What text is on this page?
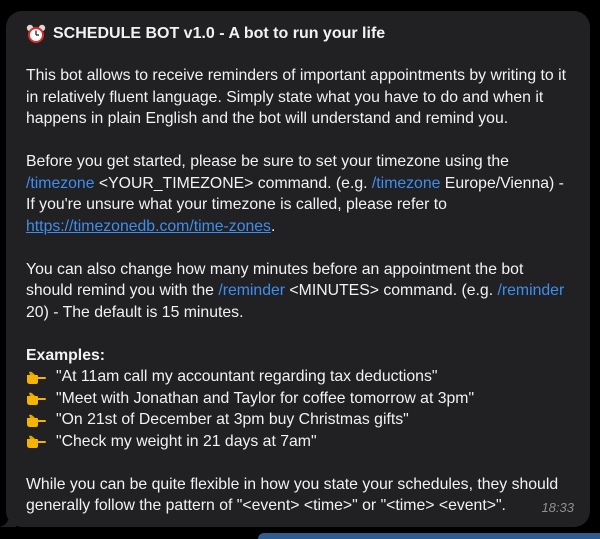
SCHEDULE BOT v1.0 - A bot to run your life

This bot allows to receive reminders of important appointments by writing to it in relatively fluent language. Simply state what you have to do and when it happens in plain English and the bot will understand and remind you.

Before you get started, please be sure to set your timezone using the /timezone <YOUR_TIMEZONE> command. (e.g. /timezone Europe/Vienna) - If you're unsure what your timezone is called, please refer to https://timezonedb.com/time-zones.

You can also change how many minutes before an appointment the bot should remind you with the /reminder <MINUTES> command. (e.g. /reminder 20) - The default is 15 minutes.

Examples:
"At 11am call my accountant regarding tax deductions"
"Meet with Jonathan and Taylor for coffee tomorrow at 3pm"
"On 21st of December at 3pm buy Christmas gifts"
"Check my weight in 21 days at 7am"

While you can be quite flexible in how you state your schedules, they should generally follow the pattern of "<event> <time>" or "<time> <event>".	18:33
